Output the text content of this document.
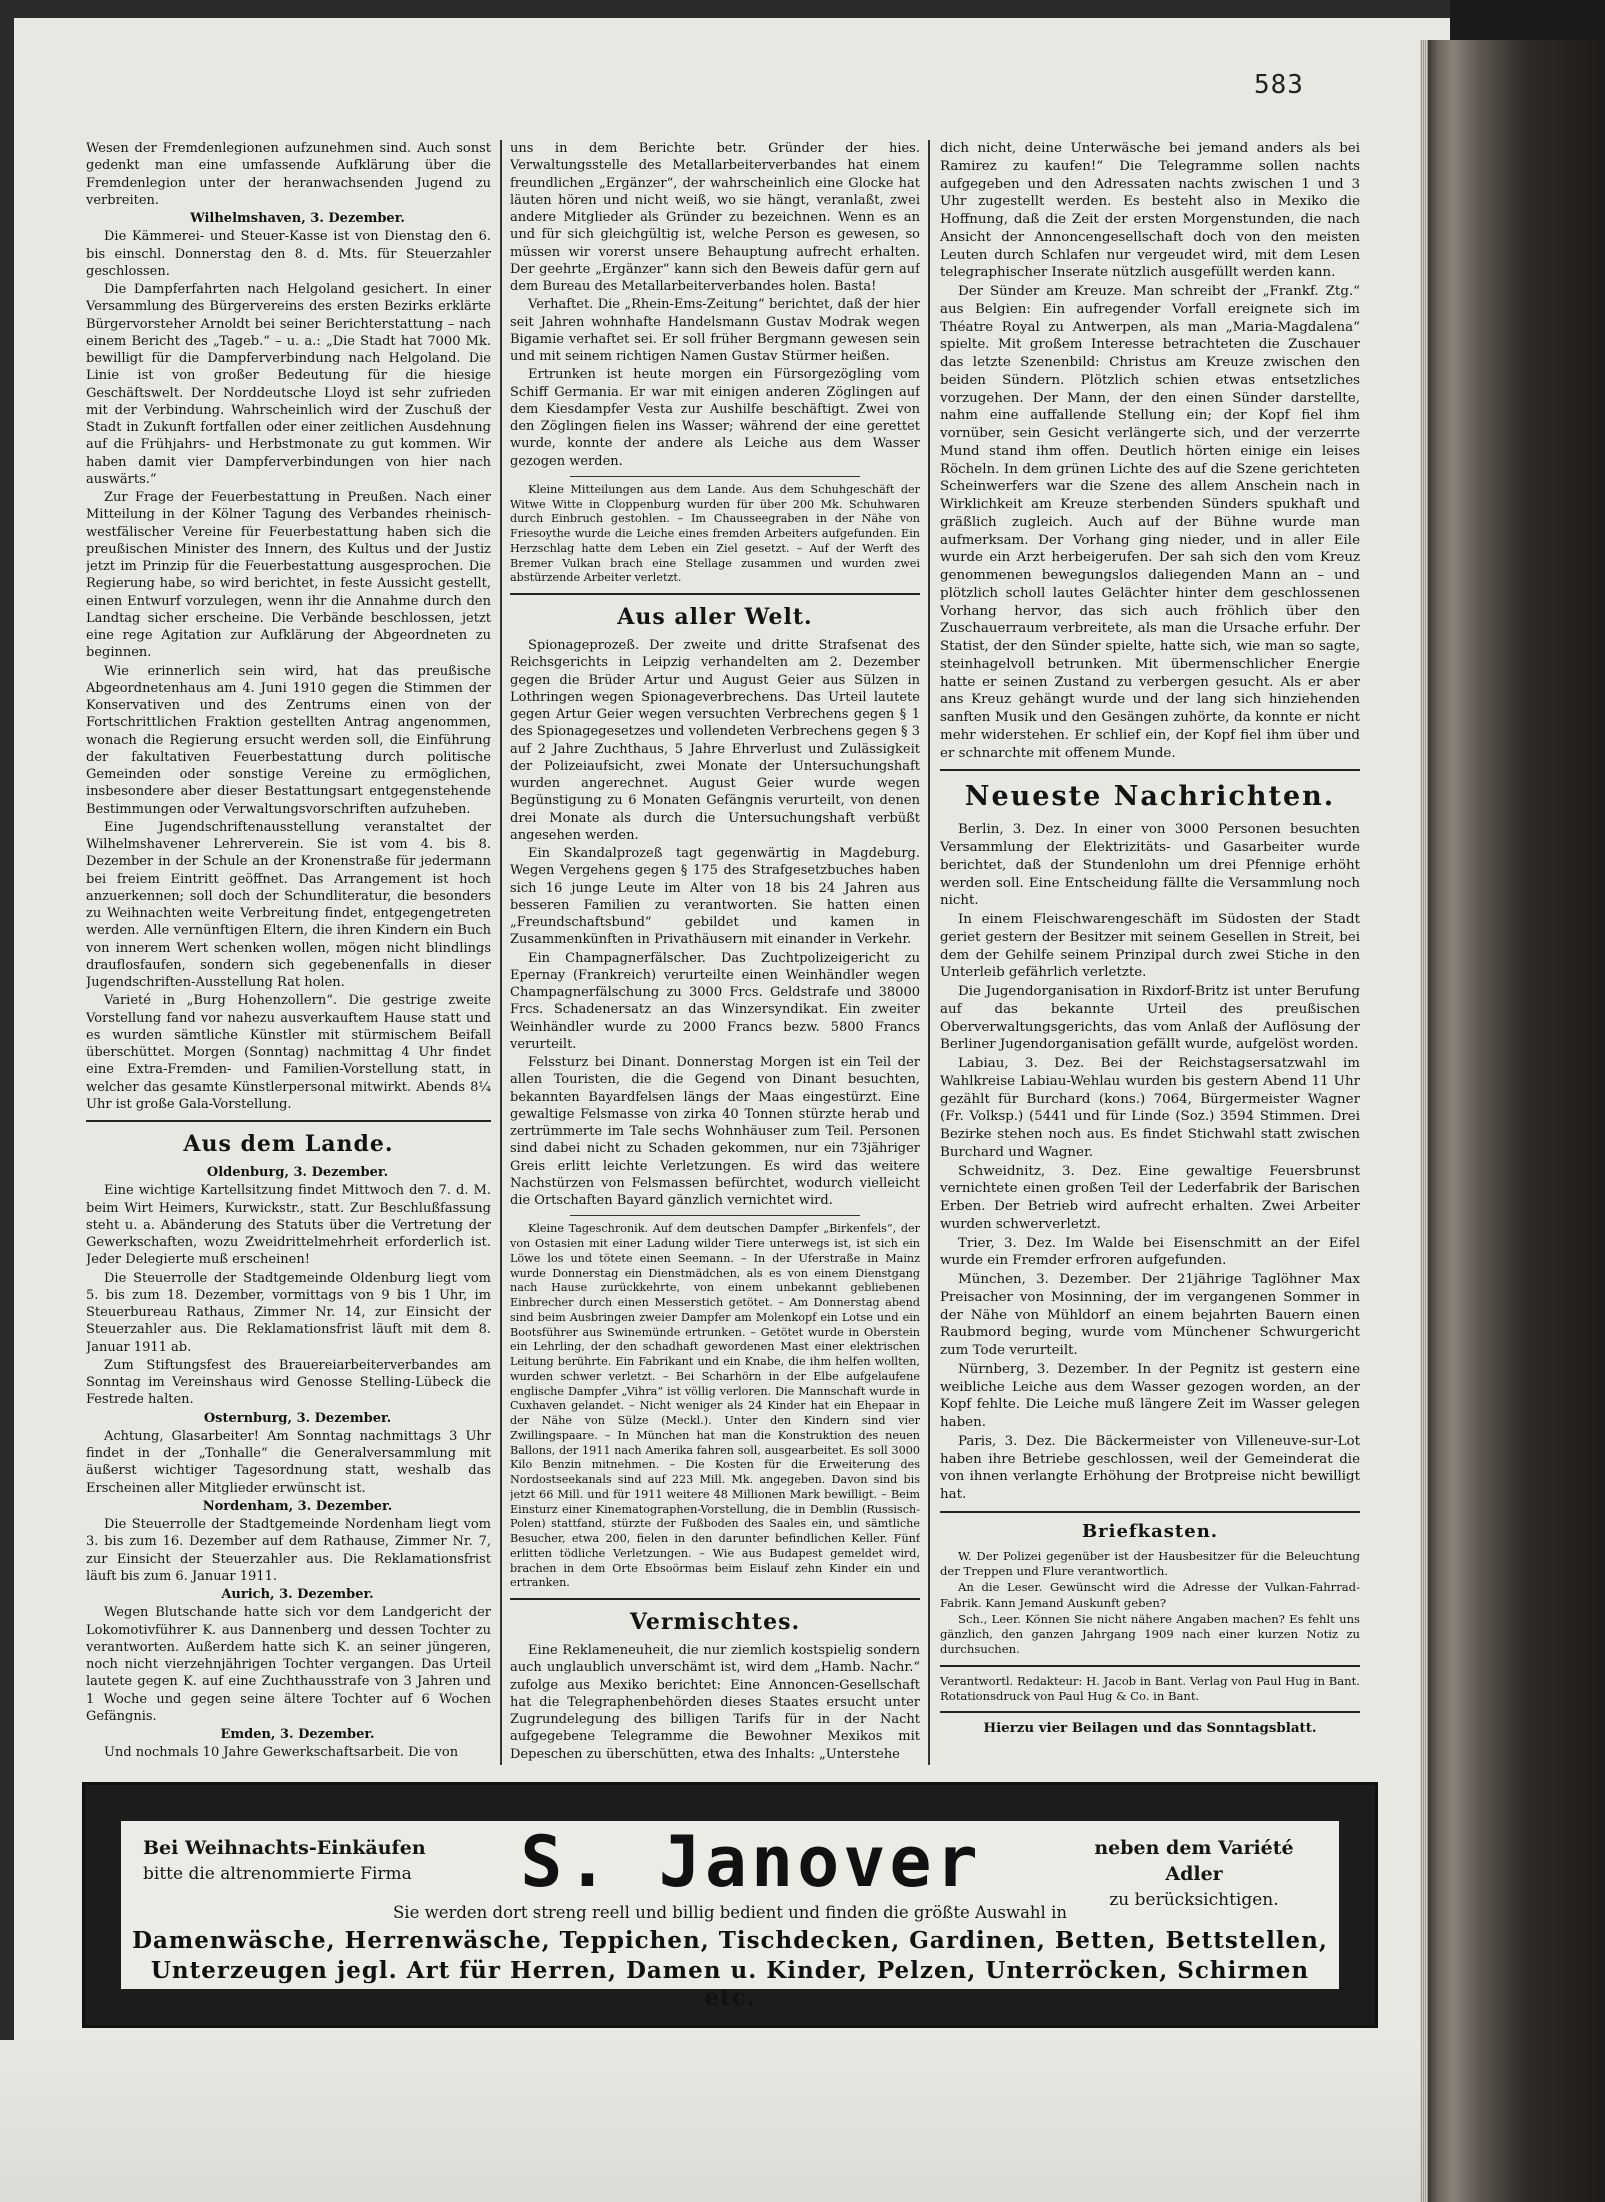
583

Wesen der Fremdenlegionen aufzunehmen sind. Auch sonst gedenkt man eine umfassende Aufklärung über die Fremdenlegion unter der heranwachsenden Jugend zu verbreiten.

Wilhelmshaven, 3. Dezember.

Die Kämmerei- und Steuer-Kasse ist von Dienstag den 6. bis einschl. Donnerstag den 8. d. Mts. für Steuerzahler geschlossen.

Die Dampferfahrten nach Helgoland gesichert. In einer Versammlung des Bürgervereins des ersten Bezirks erklärte Bürgervorsteher Arnoldt bei seiner Berichterstattung – nach einem Bericht des „Tageb.“ – u. a.: „Die Stadt hat 7000 Mk. bewilligt für die Dampferverbindung nach Helgoland. Die Linie ist von großer Bedeutung für die hiesige Geschäftswelt. Der Norddeutsche Lloyd ist sehr zufrieden mit der Verbindung. Wahrscheinlich wird der Zuschuß der Stadt in Zukunft fortfallen oder einer zeitlichen Ausdehnung auf die Frühjahrs- und Herbstmonate zu gut kommen. Wir haben damit vier Dampferverbindungen von hier nach auswärts.“

Zur Frage der Feuerbestattung in Preußen. Nach einer Mitteilung in der Kölner Tagung des Verbandes rheinisch-westfälischer Vereine für Feuerbestattung haben sich die preußischen Minister des Innern, des Kultus und der Justiz jetzt im Prinzip für die Feuerbestattung ausgesprochen. Die Regierung habe, so wird berichtet, in feste Aussicht gestellt, einen Entwurf vorzulegen, wenn ihr die Annahme durch den Landtag sicher erscheine. Die Verbände beschlossen, jetzt eine rege Agitation zur Aufklärung der Abgeordneten zu beginnen.

Wie erinnerlich sein wird, hat das preußische Abgeordnetenhaus am 4. Juni 1910 gegen die Stimmen der Konservativen und des Zentrums einen von der Fortschrittlichen Fraktion gestellten Antrag angenommen, wonach die Regierung ersucht werden soll, die Einführung der fakultativen Feuerbestattung durch politische Gemeinden oder sonstige Vereine zu ermöglichen, insbesondere aber dieser Bestattungsart entgegenstehende Bestimmungen oder Verwaltungsvorschriften aufzuheben.

Eine Jugendschriftenausstellung veranstaltet der Wilhelmshavener Lehrerverein. Sie ist vom 4. bis 8. Dezember in der Schule an der Kronenstraße für jedermann bei freiem Eintritt geöffnet. Das Arrangement ist hoch anzuerkennen; soll doch der Schundliteratur, die besonders zu Weihnachten weite Verbreitung findet, entgegengetreten werden. Alle vernünftigen Eltern, die ihren Kindern ein Buch von innerem Wert schenken wollen, mögen nicht blindlings drauflosfaufen, sondern sich gegebenenfalls in dieser Jugendschriften-Ausstellung Rat holen.

Varieté in „Burg Hohenzollern“. Die gestrige zweite Vorstellung fand vor nahezu ausverkauftem Hause statt und es wurden sämtliche Künstler mit stürmischem Beifall überschüttet. Morgen (Sonntag) nachmittag 4 Uhr findet eine Extra-Fremden- und Familien-Vorstellung statt, in welcher das gesamte Künstlerpersonal mitwirkt. Abends 8¼ Uhr ist große Gala-Vorstellung.

Aus dem Lande.

Oldenburg, 3. Dezember.

Eine wichtige Kartellsitzung findet Mittwoch den 7. d. M. beim Wirt Heimers, Kurwickstr., statt. Zur Beschlußfassung steht u. a. Abänderung des Statuts über die Vertretung der Gewerkschaften, wozu Zweidrittelmehrheit erforderlich ist. Jeder Delegierte muß erscheinen!

Die Steuerrolle der Stadtgemeinde Oldenburg liegt vom 5. bis zum 18. Dezember, vormittags von 9 bis 1 Uhr, im Steuerbureau Rathaus, Zimmer Nr. 14, zur Einsicht der Steuerzahler aus. Die Reklamationsfrist läuft mit dem 8. Januar 1911 ab.

Zum Stiftungsfest des Brauereiarbeiterverbandes am Sonntag im Vereinshaus wird Genosse Stelling-Lübeck die Festrede halten.

Osternburg, 3. Dezember.

Achtung, Glasarbeiter! Am Sonntag nachmittags 3 Uhr findet in der „Tonhalle“ die Generalversammlung mit äußerst wichtiger Tagesordnung statt, weshalb das Erscheinen aller Mitglieder erwünscht ist.

Nordenham, 3. Dezember.

Die Steuerrolle der Stadtgemeinde Nordenham liegt vom 3. bis zum 16. Dezember auf dem Rathause, Zimmer Nr. 7, zur Einsicht der Steuerzahler aus. Die Reklamationsfrist läuft bis zum 6. Januar 1911.

Aurich, 3. Dezember.

Wegen Blutschande hatte sich vor dem Landgericht der Lokomotivführer K. aus Dannenberg und dessen Tochter zu verantworten. Außerdem hatte sich K. an seiner jüngeren, noch nicht vierzehnjährigen Tochter vergangen. Das Urteil lautete gegen K. auf eine Zuchthausstrafe von 3 Jahren und 1 Woche und gegen seine ältere Tochter auf 6 Wochen Gefängnis.

Emden, 3. Dezember.

Und nochmals 10 Jahre Gewerkschaftsarbeit. Die von

uns in dem Berichte betr. Gründer der hies. Verwaltungsstelle des Metallarbeiterverbandes hat einem freundlichen „Ergänzer“, der wahrscheinlich eine Glocke hat läuten hören und nicht weiß, wo sie hängt, veranlaßt, zwei andere Mitglieder als Gründer zu bezeichnen. Wenn es an und für sich gleichgültig ist, welche Person es gewesen, so müssen wir vorerst unsere Behauptung aufrecht erhalten. Der geehrte „Ergänzer“ kann sich den Beweis dafür gern auf dem Bureau des Metallarbeiterverbandes holen. Basta!

Verhaftet. Die „Rhein-Ems-Zeitung“ berichtet, daß der hier seit Jahren wohnhafte Handelsmann Gustav Modrak wegen Bigamie verhaftet sei. Er soll früher Bergmann gewesen sein und mit seinem richtigen Namen Gustav Stürmer heißen.

Ertrunken ist heute morgen ein Fürsorgezögling vom Schiff Germania. Er war mit einigen anderen Zöglingen auf dem Kiesdampfer Vesta zur Aushilfe beschäftigt. Zwei von den Zöglingen fielen ins Wasser; während der eine gerettet wurde, konnte der andere als Leiche aus dem Wasser gezogen werden.

Kleine Mitteilungen aus dem Lande. Aus dem Schuhgeschäft der Witwe Witte in Cloppenburg wurden für über 200 Mk. Schuhwaren durch Einbruch gestohlen. – Im Chausseegraben in der Nähe von Friesoythe wurde die Leiche eines fremden Arbeiters aufgefunden. Ein Herzschlag hatte dem Leben ein Ziel gesetzt. – Auf der Werft des Bremer Vulkan brach eine Stellage zusammen und wurden zwei abstürzende Arbeiter verletzt.

Aus aller Welt.

Spionageprozeß. Der zweite und dritte Strafsenat des Reichsgerichts in Leipzig verhandelten am 2. Dezember gegen die Brüder Artur und August Geier aus Sülzen in Lothringen wegen Spionageverbrechens. Das Urteil lautete gegen Artur Geier wegen versuchten Verbrechens gegen § 1 des Spionagegesetzes und vollendeten Verbrechens gegen § 3 auf 2 Jahre Zuchthaus, 5 Jahre Ehrverlust und Zulässigkeit der Polizeiaufsicht, zwei Monate der Untersuchungshaft wurden angerechnet. August Geier wurde wegen Begünstigung zu 6 Monaten Gefängnis verurteilt, von denen drei Monate als durch die Untersuchungshaft verbüßt angesehen werden.

Ein Skandalprozeß tagt gegenwärtig in Magdeburg. Wegen Vergehens gegen § 175 des Strafgesetzbuches haben sich 16 junge Leute im Alter von 18 bis 24 Jahren aus besseren Familien zu verantworten. Sie hatten einen „Freundschaftsbund“ gebildet und kamen in Zusammenkünften in Privathäusern mit einander in Verkehr.

Ein Champagnerfälscher. Das Zuchtpolizeigericht zu Epernay (Frankreich) verurteilte einen Weinhändler wegen Champagnerfälschung zu 3000 Frcs. Geldstrafe und 38000 Frcs. Schadenersatz an das Winzersyndikat. Ein zweiter Weinhändler wurde zu 2000 Francs bezw. 5800 Francs verurteilt.

Felssturz bei Dinant. Donnerstag Morgen ist ein Teil der allen Touristen, die die Gegend von Dinant besuchten, bekannten Bayardfelsen längs der Maas eingestürzt. Eine gewaltige Felsmasse von zirka 40 Tonnen stürzte herab und zertrümmerte im Tale sechs Wohnhäuser zum Teil. Personen sind dabei nicht zu Schaden gekommen, nur ein 73jähriger Greis erlitt leichte Verletzungen. Es wird das weitere Nachstürzen von Felsmassen befürchtet, wodurch vielleicht die Ortschaften Bayard gänzlich vernichtet wird.

Kleine Tageschronik. Auf dem deutschen Dampfer „Birkenfels“, der von Ostasien mit einer Ladung wilder Tiere unterwegs ist, ist sich ein Löwe los und tötete einen Seemann. – In der Uferstraße in Mainz wurde Donnerstag ein Dienstmädchen, als es von einem Dienstgang nach Hause zurückkehrte, von einem unbekannt gebliebenen Einbrecher durch einen Messerstich getötet. – Am Donnerstag abend sind beim Ausbringen zweier Dampfer am Molenkopf ein Lotse und ein Bootsführer aus Swinemünde ertrunken. – Getötet wurde in Oberstein ein Lehrling, der den schadhaft gewordenen Mast einer elektrischen Leitung berührte. Ein Fabrikant und ein Knabe, die ihm helfen wollten, wurden schwer verletzt. – Bei Scharhörn in der Elbe aufgelaufene englische Dampfer „Vihra“ ist völlig verloren. Die Mannschaft wurde in Cuxhaven gelandet. – Nicht weniger als 24 Kinder hat ein Ehepaar in der Nähe von Sülze (Meckl.). Unter den Kindern sind vier Zwillingspaare. – In München hat man die Konstruktion des neuen Ballons, der 1911 nach Amerika fahren soll, ausgearbeitet. Es soll 3000 Kilo Benzin mitnehmen. – Die Kosten für die Erweiterung des Nordostseekanals sind auf 223 Mill. Mk. angegeben. Davon sind bis jetzt 66 Mill. und für 1911 weitere 48 Millionen Mark bewilligt. – Beim Einsturz einer Kinematographen-Vorstellung, die in Demblin (Russisch-Polen) stattfand, stürzte der Fußboden des Saales ein, und sämtliche Besucher, etwa 200, fielen in den darunter befindlichen Keller. Fünf erlitten tödliche Verletzungen. – Wie aus Budapest gemeldet wird, brachen in dem Orte Ebsoörmas beim Eislauf zehn Kinder ein und ertranken.

Vermischtes.

Eine Reklameneuheit, die nur ziemlich kostspielig sondern auch unglaublich unverschämt ist, wird dem „Hamb. Nachr.“ zufolge aus Mexiko berichtet: Eine Annoncen-Gesellschaft hat die Telegraphenbehörden dieses Staates ersucht unter Zugrundelegung des billigen Tarifs für in der Nacht aufgegebene Telegramme die Bewohner Mexikos mit Depeschen zu überschütten, etwa des Inhalts: „Unterstehe

dich nicht, deine Unterwäsche bei jemand anders als bei Ramirez zu kaufen!“ Die Telegramme sollen nachts aufgegeben und den Adressaten nachts zwischen 1 und 3 Uhr zugestellt werden. Es besteht also in Mexiko die Hoffnung, daß die Zeit der ersten Morgenstunden, die nach Ansicht der Annoncengesellschaft doch von den meisten Leuten durch Schlafen nur vergeudet wird, mit dem Lesen telegraphischer Inserate nützlich ausgefüllt werden kann.

Der Sünder am Kreuze. Man schreibt der „Frankf. Ztg.“ aus Belgien: Ein aufregender Vorfall ereignete sich im Théatre Royal zu Antwerpen, als man „Maria-Magdalena“ spielte. Mit großem Interesse betrachteten die Zuschauer das letzte Szenenbild: Christus am Kreuze zwischen den beiden Sündern. Plötzlich schien etwas entsetzliches vorzugehen. Der Mann, der den einen Sünder darstellte, nahm eine auffallende Stellung ein; der Kopf fiel ihm vornüber, sein Gesicht verlängerte sich, und der verzerrte Mund stand ihm offen. Deutlich hörten einige ein leises Röcheln. In dem grünen Lichte des auf die Szene gerichteten Scheinwerfers war die Szene des allem Anschein nach in Wirklichkeit am Kreuze sterbenden Sünders spukhaft und gräßlich zugleich. Auch auf der Bühne wurde man aufmerksam. Der Vorhang ging nieder, und in aller Eile wurde ein Arzt herbeigerufen. Der sah sich den vom Kreuz genommenen bewegungslos daliegenden Mann an – und plötzlich scholl lautes Gelächter hinter dem geschlossenen Vorhang hervor, das sich auch fröhlich über den Zuschauerraum verbreitete, als man die Ursache erfuhr. Der Statist, der den Sünder spielte, hatte sich, wie man so sagte, steinhagelvoll betrunken. Mit übermenschlicher Energie hatte er seinen Zustand zu verbergen gesucht. Als er aber ans Kreuz gehängt wurde und der lang sich hinziehenden sanften Musik und den Gesängen zuhörte, da konnte er nicht mehr widerstehen. Er schlief ein, der Kopf fiel ihm über und er schnarchte mit offenem Munde.

Neueste Nachrichten.

Berlin, 3. Dez. In einer von 3000 Personen besuchten Versammlung der Elektrizitäts- und Gasarbeiter wurde berichtet, daß der Stundenlohn um drei Pfennige erhöht werden soll. Eine Entscheidung fällte die Versammlung noch nicht.

In einem Fleischwarengeschäft im Südosten der Stadt geriet gestern der Besitzer mit seinem Gesellen in Streit, bei dem der Gehilfe seinem Prinzipal durch zwei Stiche in den Unterleib gefährlich verletzte.

Die Jugendorganisation in Rixdorf-Britz ist unter Berufung auf das bekannte Urteil des preußischen Oberverwaltungsgerichts, das vom Anlaß der Auflösung der Berliner Jugendorganisation gefällt wurde, aufgelöst worden.

Labiau, 3. Dez. Bei der Reichstagsersatzwahl im Wahlkreise Labiau-Wehlau wurden bis gestern Abend 11 Uhr gezählt für Burchard (kons.) 7064, Bürgermeister Wagner (Fr. Volksp.) (5441 und für Linde (Soz.) 3594 Stimmen. Drei Bezirke stehen noch aus. Es findet Stichwahl statt zwischen Burchard und Wagner.

Schweidnitz, 3. Dez. Eine gewaltige Feuersbrunst vernichtete einen großen Teil der Lederfabrik der Barischen Erben. Der Betrieb wird aufrecht erhalten. Zwei Arbeiter wurden schwerverletzt.

Trier, 3. Dez. Im Walde bei Eisenschmitt an der Eifel wurde ein Fremder erfroren aufgefunden.

München, 3. Dezember. Der 21jährige Taglöhner Max Preisacher von Mosinning, der im vergangenen Sommer in der Nähe von Mühldorf an einem bejahrten Bauern einen Raubmord beging, wurde vom Münchener Schwurgericht zum Tode verurteilt.

Nürnberg, 3. Dezember. In der Pegnitz ist gestern eine weibliche Leiche aus dem Wasser gezogen worden, an der Kopf fehlte. Die Leiche muß längere Zeit im Wasser gelegen haben.

Paris, 3. Dez. Die Bäckermeister von Villeneuve-sur-Lot haben ihre Betriebe geschlossen, weil der Gemeinderat die von ihnen verlangte Erhöhung der Brotpreise nicht bewilligt hat.

Briefkasten.

W. Der Polizei gegenüber ist der Hausbesitzer für die Beleuchtung der Treppen und Flure verantwortlich.

An die Leser. Gewünscht wird die Adresse der Vulkan-Fahrrad-Fabrik. Kann Jemand Auskunft geben?

Sch., Leer. Können Sie nicht nähere Angaben machen? Es fehlt uns gänzlich, den ganzen Jahrgang 1909 nach einer kurzen Notiz zu durchsuchen.

Verantwortl. Redakteur: H. Jacob in Bant. Verlag von Paul Hug in Bant. Rotationsdruck von Paul Hug & Co. in Bant.

Hierzu vier Beilagen und das Sonntagsblatt.

Bei Weihnachts-Einkäufen
bitte die altrenommierte Firma	S. Janover	neben dem Variété Adler
zu berücksichtigen.
Sie werden dort streng reell und billig bedient und finden die größte Auswahl in
Damenwäsche, Herrenwäsche, Teppichen, Tischdecken, Gardinen, Betten, Bettstellen,
Unterzeugen jegl. Art für Herren, Damen u. Kinder, Pelzen, Unterröcken, Schirmen etc.
